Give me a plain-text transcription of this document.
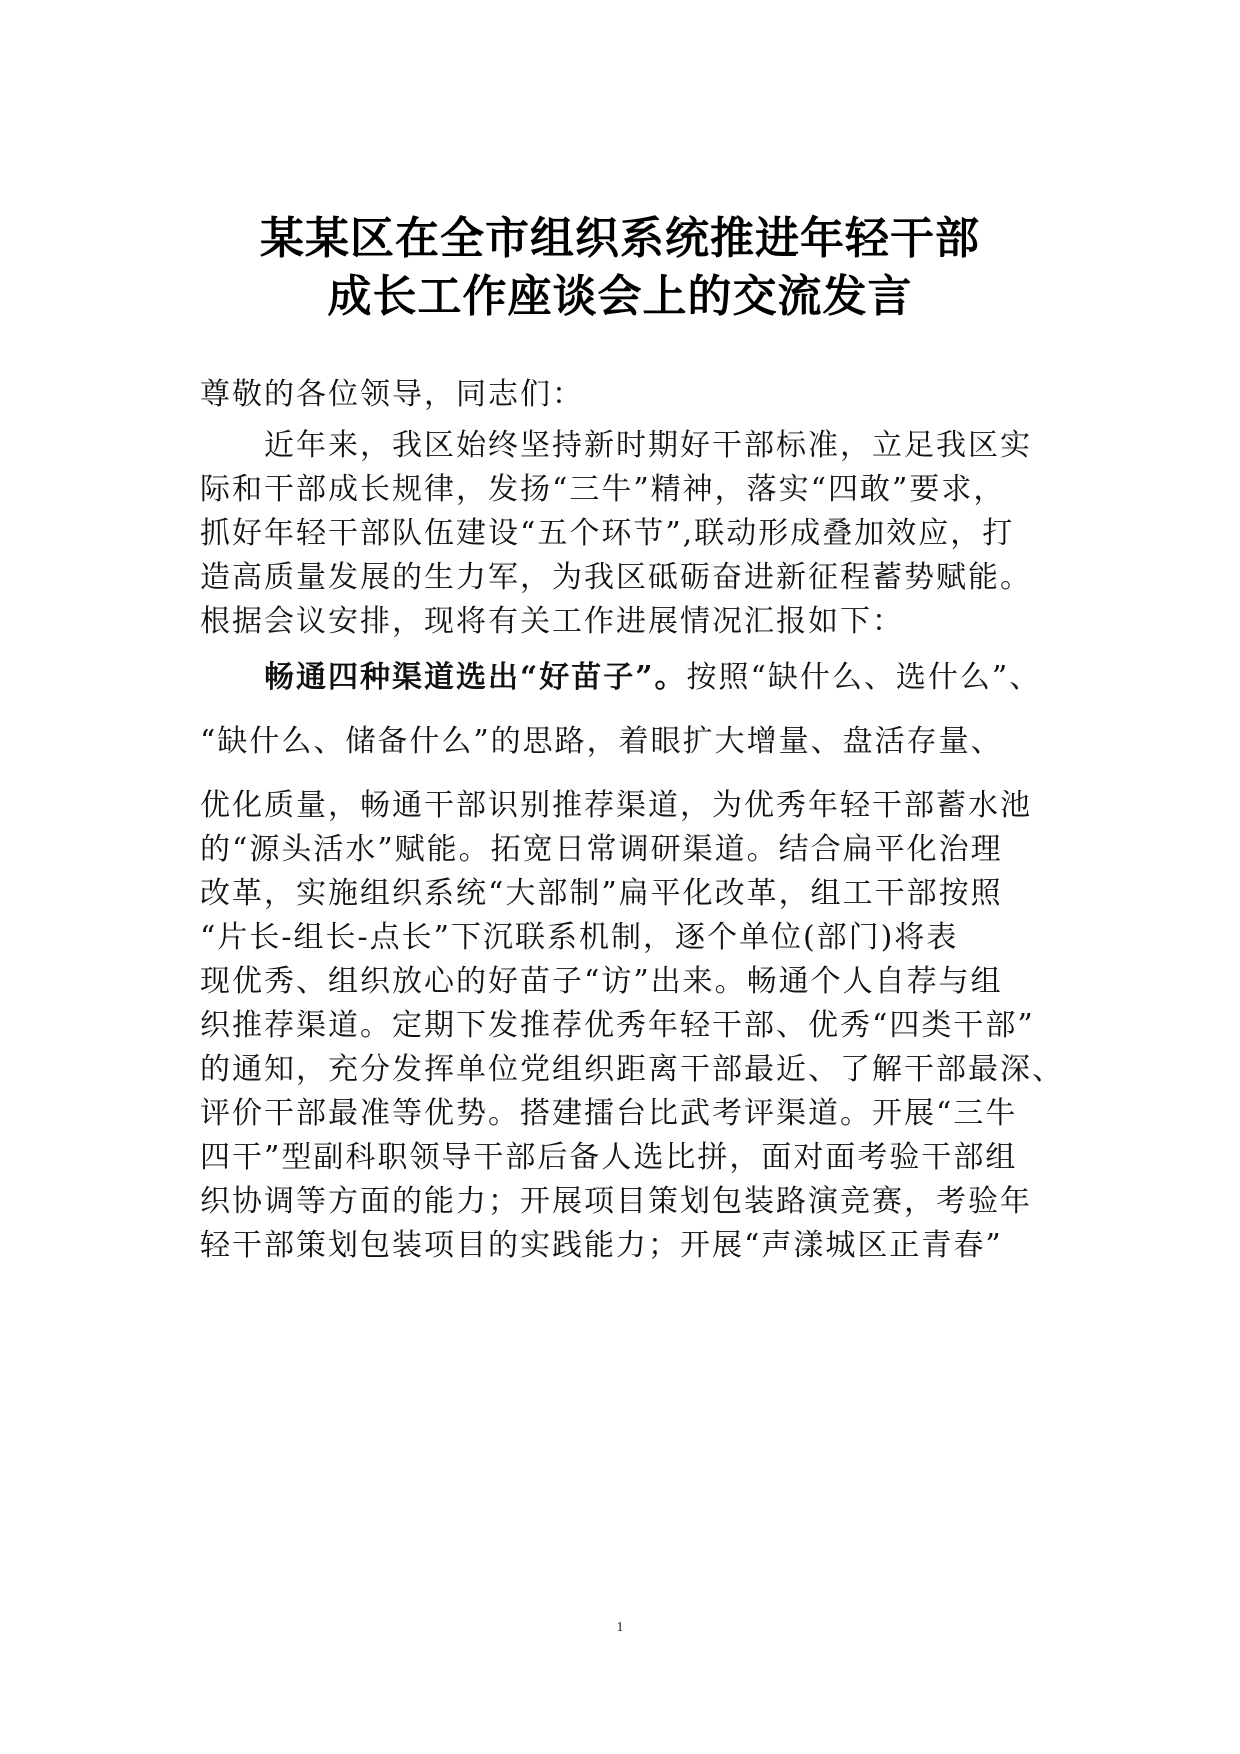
某某区在全市组织系统推进年轻干部
成长工作座谈会上的交流发言
尊敬的各位领导，同志们：
近年来，我区始终坚持新时期好干部标准，立足我区实
际和干部成长规律，发扬“三牛”精神，落实“四敢”要求，
抓好年轻干部队伍建设“五个环节”,联动形成叠加效应，打
造高质量发展的生力军，为我区砥砺奋进新征程蓄势赋能。
根据会议安排，现将有关工作进展情况汇报如下：
畅通四种渠道选出“好苗子”。按照“缺什么、选什么”、
“缺什么、储备什么”的思路，着眼扩大增量、盘活存量、
优化质量，畅通干部识别推荐渠道，为优秀年轻干部蓄水池
的“源头活水”赋能。拓宽日常调研渠道。结合扁平化治理
改革，实施组织系统“大部制”扁平化改革，组工干部按照
“片长-组长-点长”下沉联系机制，逐个单位(部门)将表
现优秀、组织放心的好苗子“访”出来。畅通个人自荐与组
织推荐渠道。定期下发推荐优秀年轻干部、优秀“四类干部”
的通知，充分发挥单位党组织距离干部最近、了解干部最深、
评价干部最准等优势。搭建擂台比武考评渠道。开展“三牛
四干”型副科职领导干部后备人选比拼，面对面考验干部组
织协调等方面的能力；开展项目策划包装路演竞赛，考验年
轻干部策划包装项目的实践能力；开展“声漾城区正青春”
1
